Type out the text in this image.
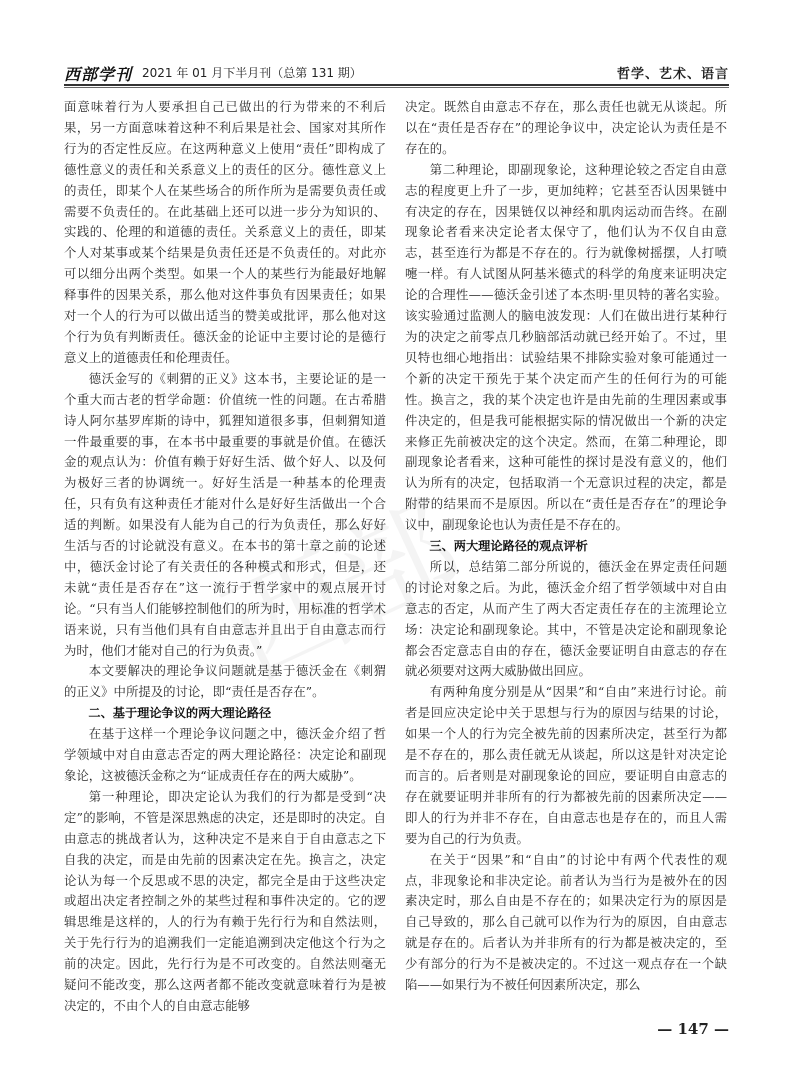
西部学刊 2021 年 01 月下半月刊（总第 131 期）	哲学、艺术、语言

面意味着行为人要承担自己已做出的行为带来的不利后果，另一方面意味着这种不利后果是社会、国家对其所作行为的否定性反应。在这两种意义上使用“责任”即构成了德性意义的责任和关系意义上的责任的区分。德性意义上的责任，即某个人在某些场合的所作所为是需要负责任或需要不负责任的。在此基础上还可以进一步分为知识的、实践的、伦理的和道德的责任。关系意义上的责任，即某个人对某事或某个结果是负责任还是不负责任的。对此亦可以细分出两个类型。如果一个人的某些行为能最好地解释事件的因果关系，那么他对这件事负有因果责任；如果对一个人的行为可以做出适当的赞美或批评，那么他对这个行为负有判断责任。德沃金的论证中主要讨论的是德行意义上的道德责任和伦理责任。

德沃金写的《刺猬的正义》这本书，主要论证的是一个重大而古老的哲学命题：价值统一性的问题。在古希腊诗人阿尔基罗库斯的诗中，狐狸知道很多事，但刺猬知道一件最重要的事，在本书中最重要的事就是价值。在德沃金的观点认为：价值有赖于好好生活、做个好人、以及何为极好三者的协调统一。好好生活是一种基本的伦理责任，只有负有这种责任才能对什么是好好生活做出一个合适的判断。如果没有人能为自己的行为负责任，那么好好生活与否的讨论就没有意义。在本书的第十章之前的论述中，德沃金讨论了有关责任的各种模式和形式，但是，还未就“责任是否存在”这一流行于哲学家中的观点展开讨论。“只有当人们能够控制他们的所为时，用标准的哲学术语来说，只有当他们具有自由意志并且出于自由意志而行为时，他们才能对自己的行为负责。”

本文要解决的理论争议问题就是基于德沃金在《刺猬的正义》中所提及的讨论，即“责任是否存在”。

二、基于理论争议的两大理论路径

在基于这样一个理论争议问题之中，德沃金介绍了哲学领域中对自由意志否定的两大理论路径：决定论和副现象论，这被德沃金称之为“证成责任存在的两大威胁”。

第一种理论，即决定论认为我们的行为都是受到“决定”的影响，不管是深思熟虑的决定，还是即时的决定。自由意志的挑战者认为，这种决定不是来自于自由意志之下自我的决定，而是由先前的因素决定在先。换言之，决定论认为每一个反思或不思的决定，都完全是由于这些决定或超出决定者控制之外的某些过程和事件决定的。它的逻辑思维是这样的，人的行为有赖于先行行为和自然法则，关于先行行为的追溯我们一定能追溯到决定他这个行为之前的决定。因此，先行行为是不可改变的。自然法则毫无疑问不能改变，那么这两者都不能改变就意味着行为是被决定的，不由个人的自由意志能够

决定。既然自由意志不存在，那么责任也就无从谈起。所以在“责任是否存在”的理论争议中，决定论认为责任是不存在的。

第二种理论，即副现象论，这种理论较之否定自由意志的程度更上升了一步，更加纯粹；它甚至否认因果链中有决定的存在，因果链仅以神经和肌肉运动而告终。在副现象论者看来决定论者太保守了，他们认为不仅自由意志，甚至连行为都是不存在的。行为就像树摇摆，人打喷嚏一样。有人试图从阿基米德式的科学的角度来证明决定论的合理性——德沃金引述了本杰明·里贝特的著名实验。该实验通过监测人的脑电波发现：人们在做出进行某种行为的决定之前零点几秒脑部活动就已经开始了。不过，里贝特也细心地指出：试验结果不排除实验对象可能通过一个新的决定干预先于某个决定而产生的任何行为的可能性。换言之，我的某个决定也许是由先前的生理因素或事件决定的，但是我可能根据实际的情况做出一个新的决定来修正先前被决定的这个决定。然而，在第二种理论，即副现象论者看来，这种可能性的探讨是没有意义的，他们认为所有的决定，包括取消一个无意识过程的决定，都是附带的结果而不是原因。所以在“责任是否存在”的理论争议中，副现象论也认为责任是不存在的。

三、两大理论路径的观点评析

所以，总结第二部分所说的，德沃金在界定责任问题的讨论对象之后。为此，德沃金介绍了哲学领域中对自由意志的否定，从而产生了两大否定责任存在的主流理论立场：决定论和副现象论。其中，不管是决定论和副现象论都会否定意志自由的存在，德沃金要证明自由意志的存在就必须要对这两大威胁做出回应。

有两种角度分别是从“因果”和“自由”来进行讨论。前者是回应决定论中关于思想与行为的原因与结果的讨论，如果一个人的行为完全被先前的因素所决定，甚至行为都是不存在的，那么责任就无从谈起，所以这是针对决定论而言的。后者则是对副现象论的回应，要证明自由意志的存在就要证明并非所有的行为都被先前的因素所决定——即人的行为并非不存在，自由意志也是存在的，而且人需要为自己的行为负责。

在关于“因果”和“自由”的讨论中有两个代表性的观点，非现象论和非决定论。前者认为当行为是被外在的因素决定时，那么自由是不存在的；如果决定行为的原因是自己导致的，那么自己就可以作为行为的原因，自由意志就是存在的。后者认为并非所有的行为都是被决定的，至少有部分的行为不是被决定的。不过这一观点存在一个缺陷——如果行为不被任何因素所决定，那么

— 147 —
